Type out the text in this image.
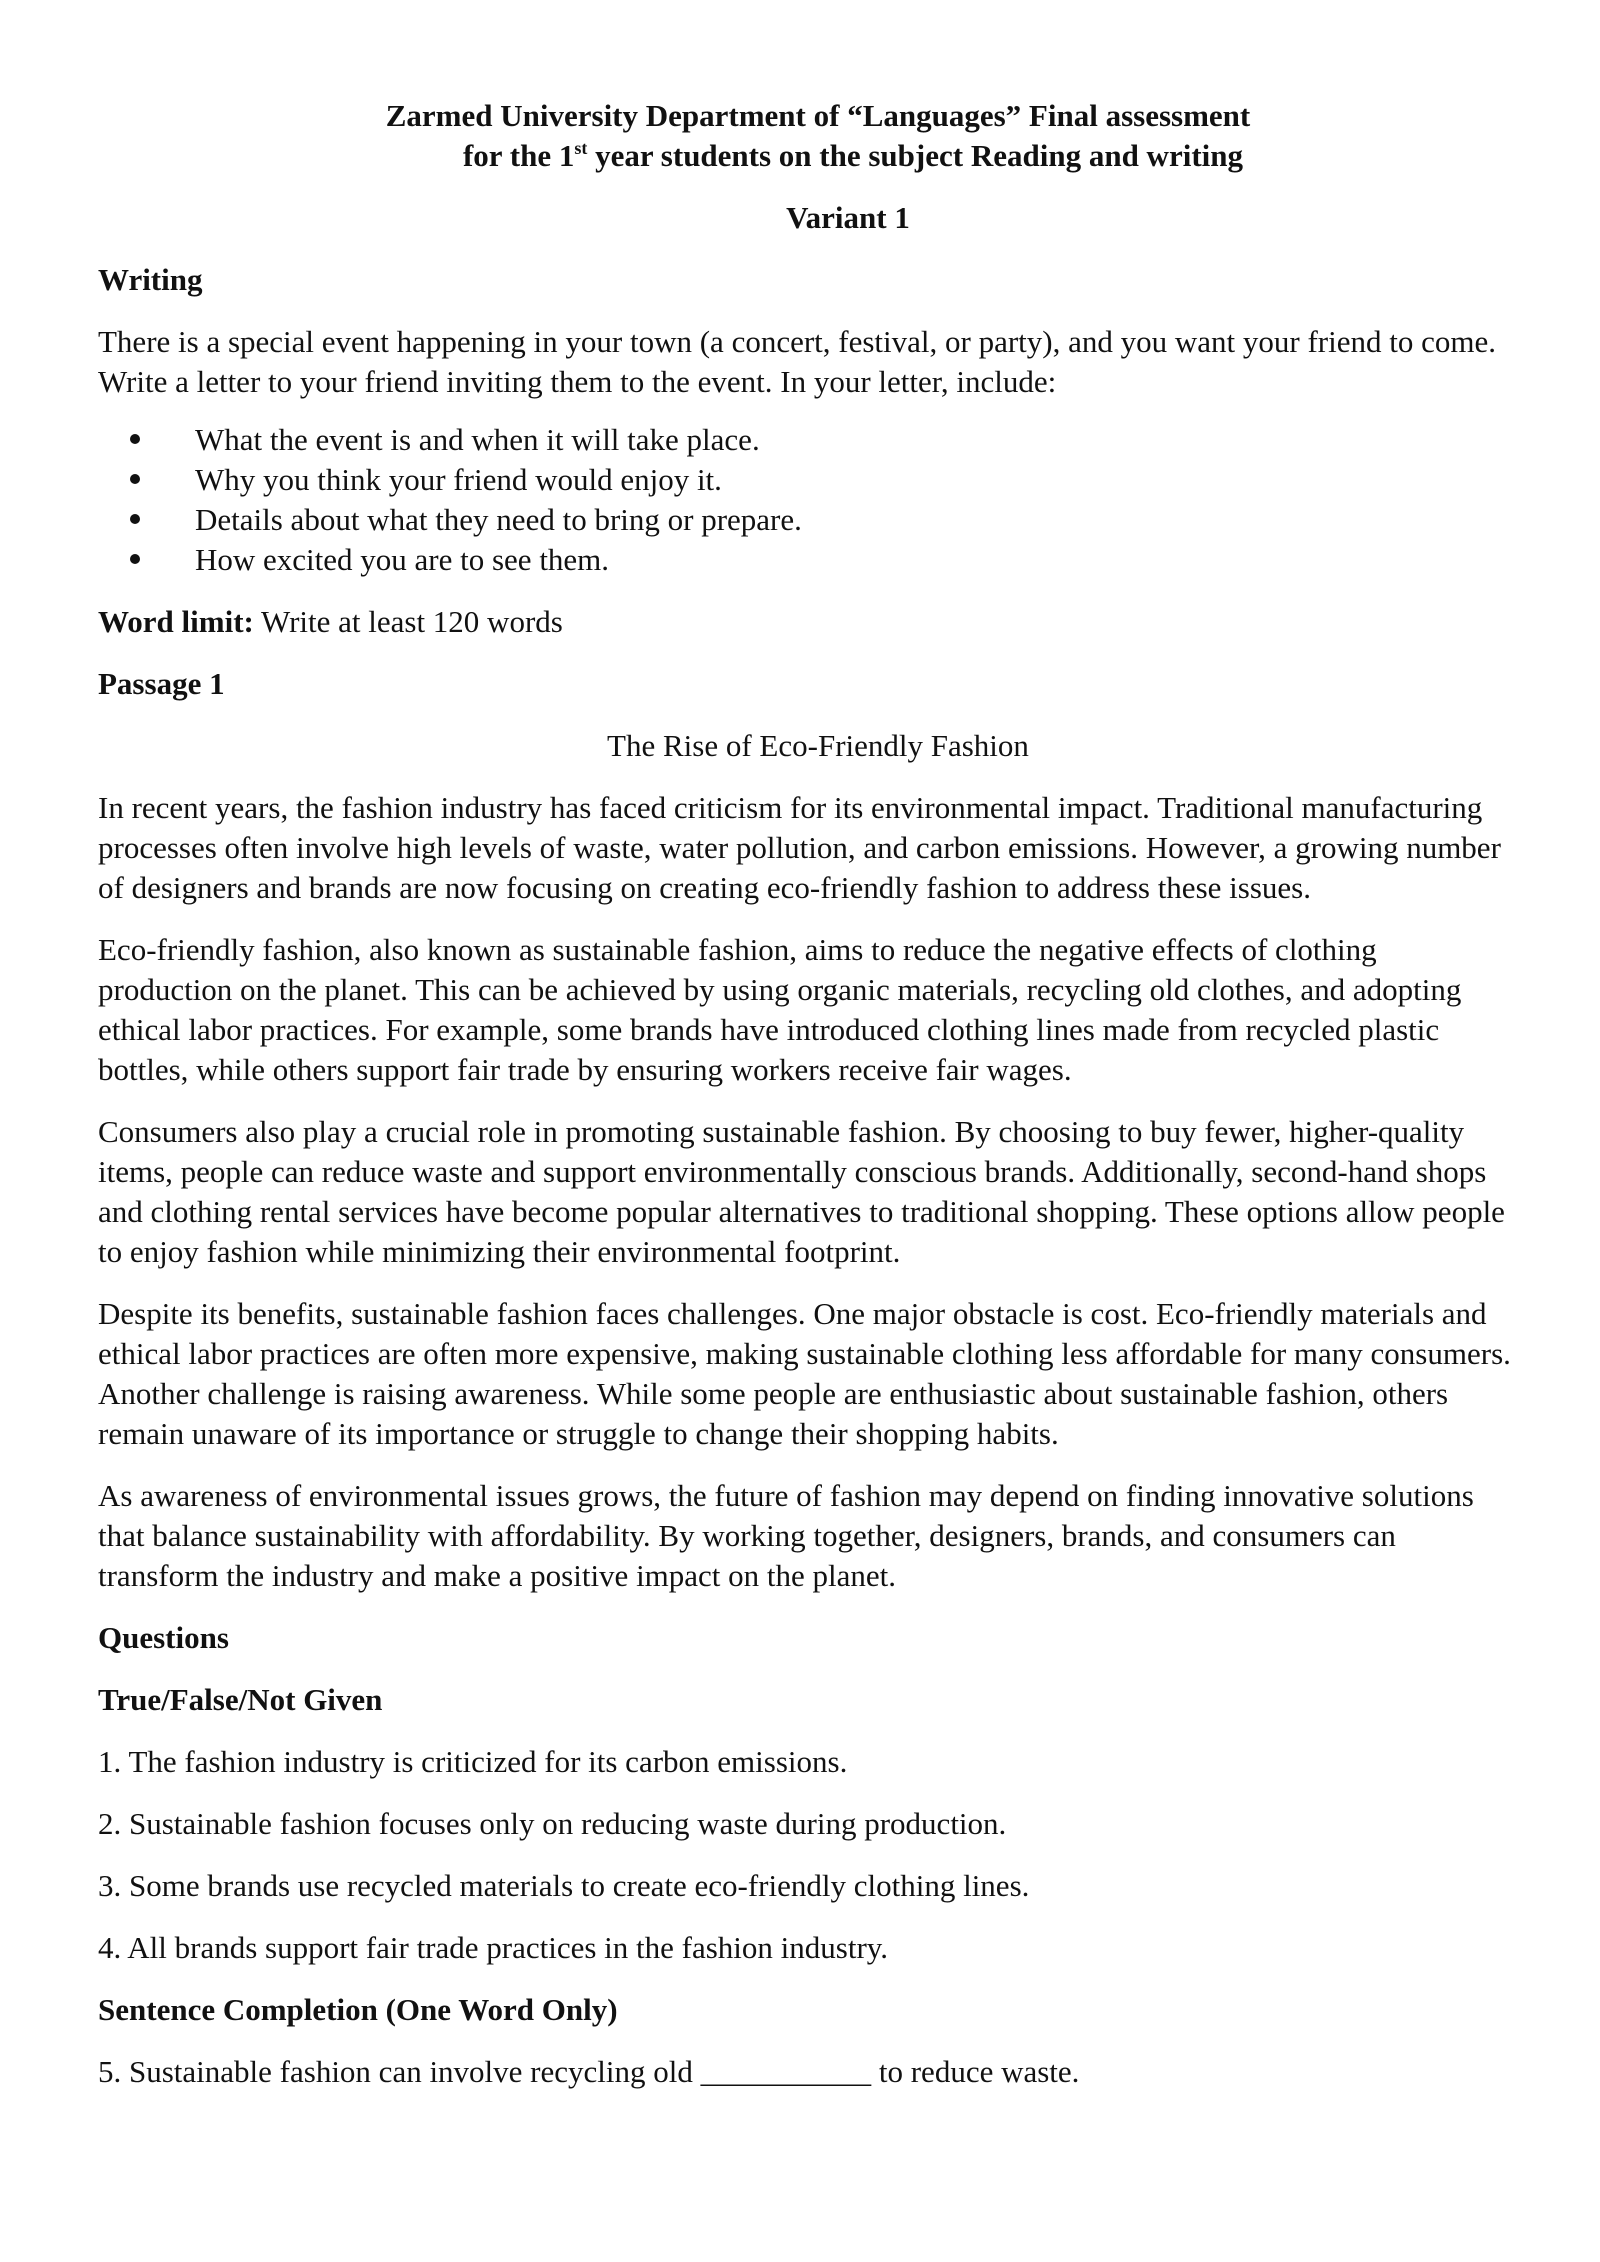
Zarmed University Department of “Languages” Final assessment
for the 1st year students on the subject Reading and writing
Variant 1
Writing

There is a special event happening in your town (a concert, festival, or party), and you want your friend to come. Write a letter to your friend inviting them to the event. In your letter, include:

What the event is and when it will take place.
Why you think your friend would enjoy it.
Details about what they need to bring or prepare.
How excited you are to see them.

Word limit: Write at least 120 words

Passage 1
The Rise of Eco-Friendly Fashion

In recent years, the fashion industry has faced criticism for its environmental impact. Traditional manufacturing processes often involve high levels of waste, water pollution, and carbon emissions. However, a growing number of designers and brands are now focusing on creating eco-friendly fashion to address these issues.

Eco-friendly fashion, also known as sustainable fashion, aims to reduce the negative effects of clothing production on the planet. This can be achieved by using organic materials, recycling old clothes, and adopting ethical labor practices. For example, some brands have introduced clothing lines made from recycled plastic bottles, while others support fair trade by ensuring workers receive fair wages.

Consumers also play a crucial role in promoting sustainable fashion. By choosing to buy fewer, higher-quality items, people can reduce waste and support environmentally conscious brands. Additionally, second-hand shops and clothing rental services have become popular alternatives to traditional shopping. These options allow people to enjoy fashion while minimizing their environmental footprint.

Despite its benefits, sustainable fashion faces challenges. One major obstacle is cost. Eco-friendly materials and ethical labor practices are often more expensive, making sustainable clothing less affordable for many consumers. Another challenge is raising awareness. While some people are enthusiastic about sustainable fashion, others remain unaware of its importance or struggle to change their shopping habits.

As awareness of environmental issues grows, the future of fashion may depend on finding innovative solutions that balance sustainability with affordability. By working together, designers, brands, and consumers can transform the industry and make a positive impact on the planet.

Questions
True/False/Not Given
1. The fashion industry is criticized for its carbon emissions.
2. Sustainable fashion focuses only on reducing waste during production.
3. Some brands use recycled materials to create eco-friendly clothing lines.
4. All brands support fair trade practices in the fashion industry.
Sentence Completion (One Word Only)
5. Sustainable fashion can involve recycling old ___________ to reduce waste.
